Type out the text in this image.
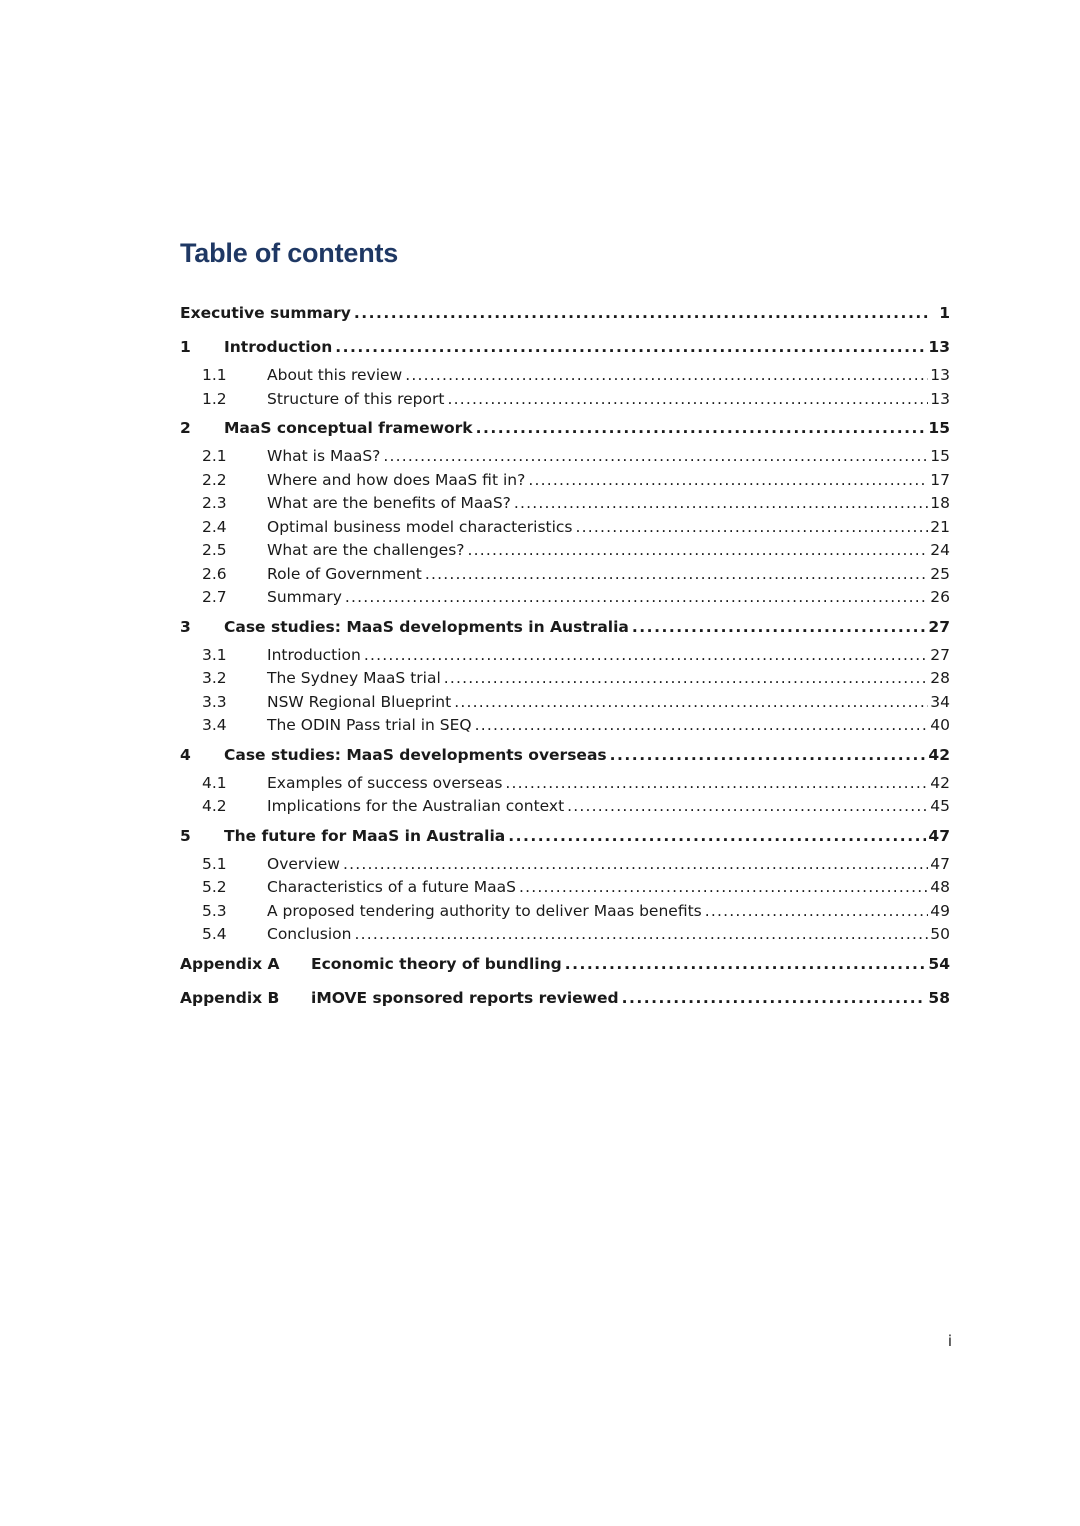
Table of contents
Executive summary .....	1
1	Introduction .....	13
1.1	About this review .....	13
1.2	Structure of this report .....	13
2	MaaS conceptual framework .....	15
2.1	What is MaaS? .....	15
2.2	Where and how does MaaS fit in? .....	17
2.3	What are the benefits of MaaS? .....	18
2.4	Optimal business model characteristics .....	21
2.5	What are the challenges? .....	24
2.6	Role of Government .....	25
2.7	Summary .....	26
3	Case studies: MaaS developments in Australia .....	27
3.1	Introduction .....	27
3.2	The Sydney MaaS trial .....	28
3.3	NSW Regional Blueprint .....	34
3.4	The ODIN Pass trial in SEQ .....	40
4	Case studies: MaaS developments overseas .....	42
4.1	Examples of success overseas .....	42
4.2	Implications for the Australian context .....	45
5	The future for MaaS in Australia .....	47
5.1	Overview .....	47
5.2	Characteristics of a future MaaS .....	48
5.3	A proposed tendering authority to deliver Maas benefits .....	49
5.4	Conclusion .....	50
Appendix A	Economic theory of bundling .....	54
Appendix B	iMOVE sponsored reports reviewed .....	58
i
